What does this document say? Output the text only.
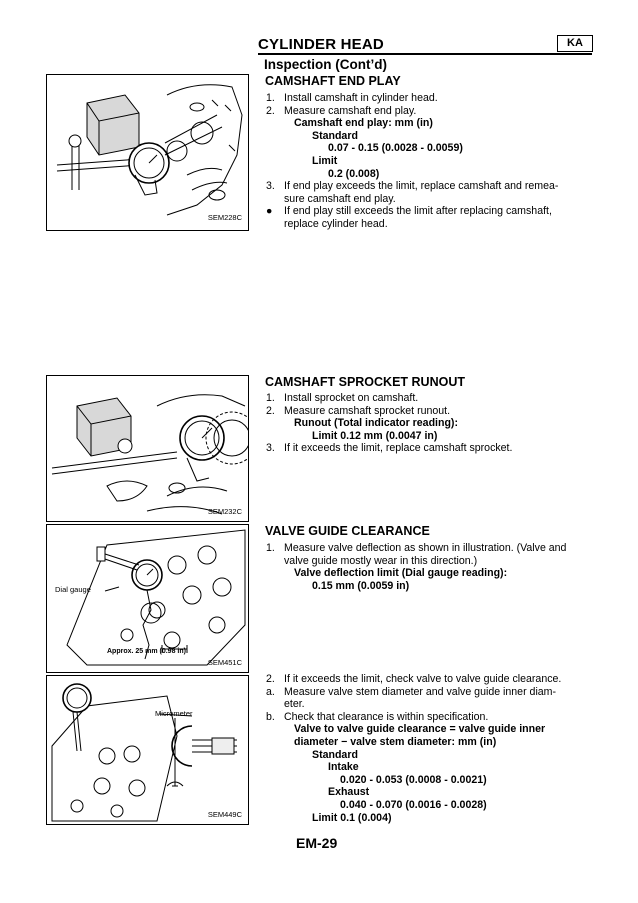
CYLINDER HEAD	KA
Inspection (Cont’d)
SEM228C
CAMSHAFT END PLAY
1. Install camshaft in cylinder head.
2. Measure camshaft end play.
Camshaft end play: mm (in)
Standard
0.07 - 0.15 (0.0028 - 0.0059)
Limit
0.2 (0.008)
3. If end play exceeds the limit, replace camshaft and remea-
sure camshaft end play.
● If end play still exceeds the limit after replacing camshaft,
replace cylinder head.
SEM232C
CAMSHAFT SPROCKET RUNOUT
1. Install sprocket on camshaft.
2. Measure camshaft sprocket runout.
Runout (Total indicator reading):
Limit 0.12 mm (0.0047 in)
3. If it exceeds the limit, replace camshaft sprocket.
Dial gauge
Approx. 25 mm (0.98 in)
SEM451C
VALVE GUIDE CLEARANCE
1. Measure valve deflection as shown in illustration. (Valve and
valve guide mostly wear in this direction.)
Valve deflection limit (Dial gauge reading):
0.15 mm (0.0059 in)
Micrometer
SEM449C
2. If it exceeds the limit, check valve to valve guide clearance.
a. Measure valve stem diameter and valve guide inner diam-
eter.
b. Check that clearance is within specification.
Valve to valve guide clearance = valve guide inner
diameter − valve stem diameter: mm (in)
Standard
Intake
0.020 - 0.053 (0.0008 - 0.0021)
Exhaust
0.040 - 0.070 (0.0016 - 0.0028)
Limit 0.1 (0.004)
EM-29
